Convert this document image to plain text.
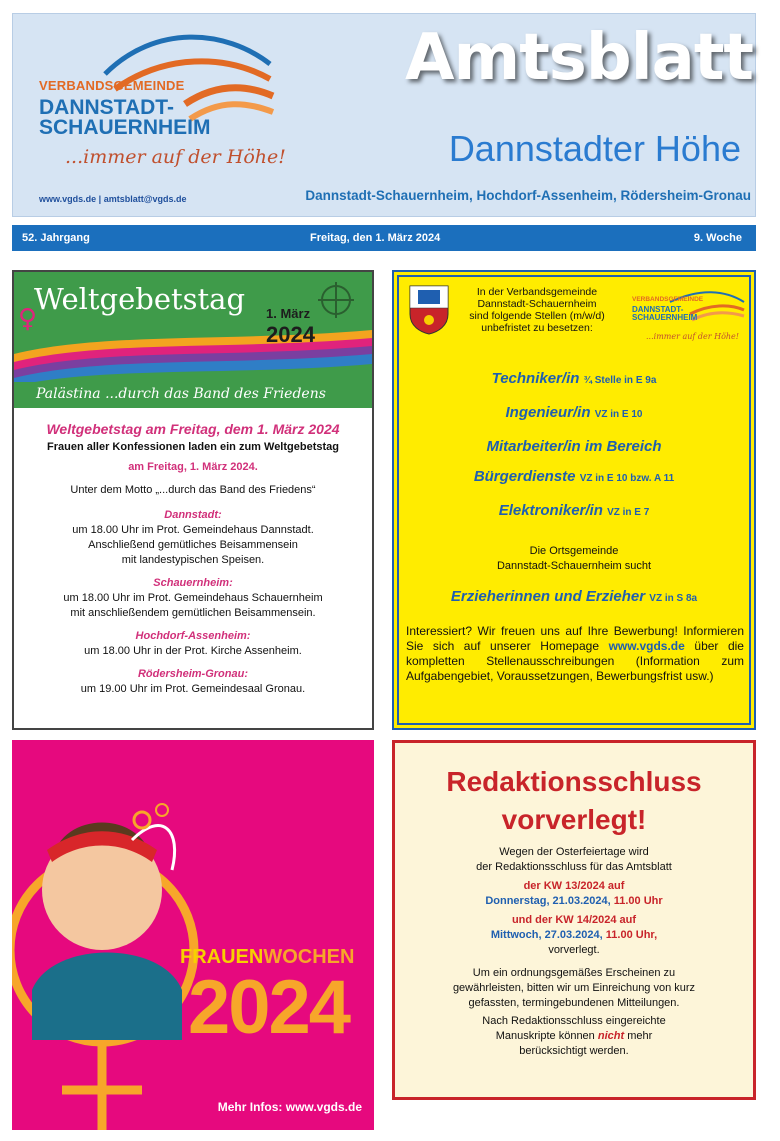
VERBANDSGEMEINDE
DANNSTADT-
SCHAUERNHEIM
...immer auf der Höhe!
www.vgds.de | amtsblatt@vgds.de
Amtsblatt
Dannstadter Höhe
Dannstadt-Schauernheim, Hochdorf-Assenheim, Rödersheim-Gronau
52. Jahrgang	Freitag, den 1. März 2024	9. Woche
♀
Weltgebetstag 1. März
2024
Palästina ...durch das Band des Friedens
Weltgebetstag am Freitag, dem 1. März 2024
Frauen aller Konfessionen laden ein zum Weltgebetstag
am Freitag, 1. März 2024.
Unter dem Motto „...durch das Band des Friedens“
Dannstadt:
um 18.00 Uhr im Prot. Gemeindehaus Dannstadt.
Anschließend gemütliches Beisammensein
mit landestypischen Speisen.
Schauernheim:
um 18.00 Uhr im Prot. Gemeindehaus Schauernheim
mit anschließendem gemütlichen Beisammensein.
Hochdorf-Assenheim:
um 18.00 Uhr in der Prot. Kirche Assenheim.
Rödersheim-Gronau:
um 19.00 Uhr im Prot. Gemeindesaal Gronau.
In der Verbandsgemeinde
Dannstadt-Schauernheim
sind folgende Stellen (m/w/d)
unbefristet zu besetzen:
VERBANDSGEMEINDE
DANNSTADT-
SCHAUERNHEIM
...immer auf der Höhe!
Techniker/in ¾ Stelle in E 9a
Ingenieur/in VZ in E 10
Mitarbeiter/in im Bereich
Bürgerdienste VZ in E 10 bzw. A 11
Elektroniker/in VZ in E 7
Die Ortsgemeinde
Dannstadt-Schauernheim sucht
Erzieherinnen und Erzieher VZ in S 8a
Interessiert? Wir freuen uns auf Ihre Bewerbung! Informieren Sie sich auf unserer Homepage www.vgds.de über die kompletten Stellenausschreibungen (Information zum Aufgabengebiet, Voraussetzungen, Bewerbungsfrist usw.)
FRAUENWOCHEN
2024
Mehr Infos: www.vgds.de
Redaktionsschluss
vorverlegt!
Wegen der Osterfeiertage wird
der Redaktionsschluss für das Amtsblatt
der KW 13/2024 auf
Donnerstag, 21.03.2024, 11.00 Uhr
und der KW 14/2024 auf
Mittwoch, 27.03.2024, 11.00 Uhr,
vorverlegt.
Um ein ordnungsgemäßes Erscheinen zu
gewährleisten, bitten wir um Einreichung von kurz
gefassten, termingebundenen Mitteilungen.
Nach Redaktionsschluss eingereichte
Manuskripte können nicht mehr
berücksichtigt werden.
